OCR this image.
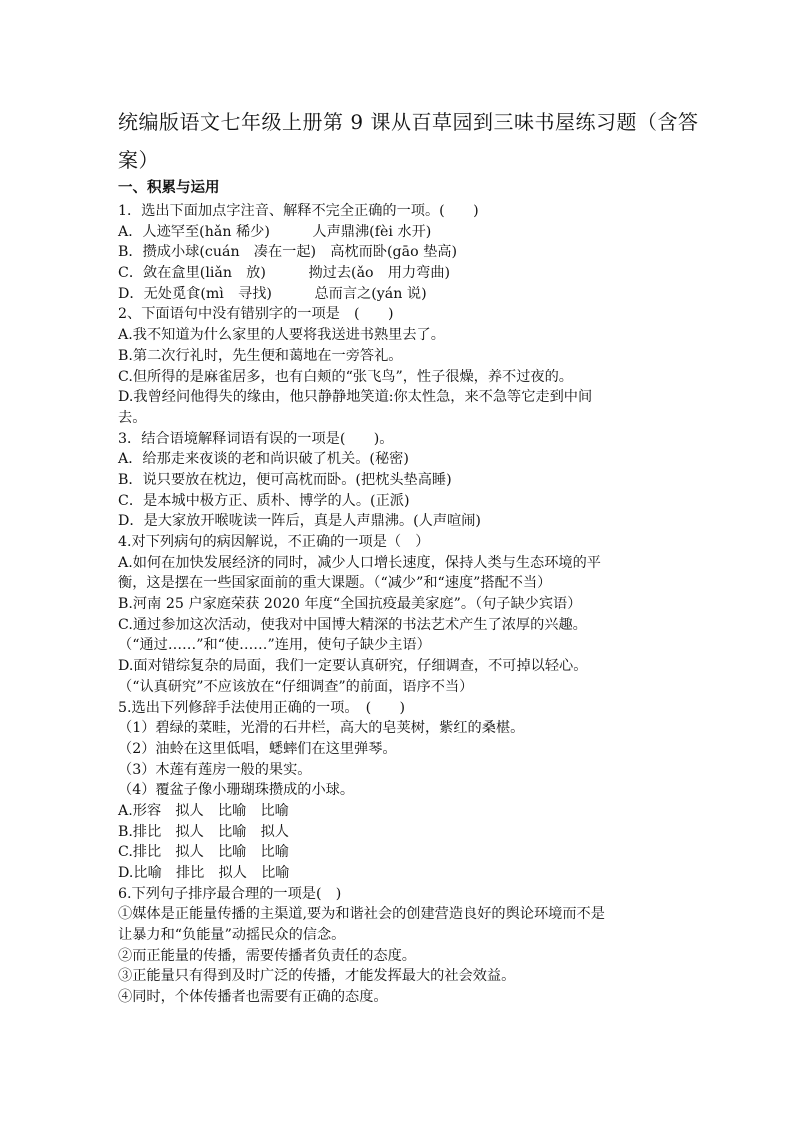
统编版语文七年级上册第 9 课从百草园到三味书屋练习题（含答案）
一、积累与运用
1．选出下面加点字注音、解释不完全正确的一项。(　　)
A．人迹罕至(hǎn 稀少)　　　人声鼎沸(fèi 水开)
B．攒成小球(cuán　凑在一起)　高枕而卧(gāo 垫高)
C．敛在盒里(liǎn　放)　　　拗过去(ǎo　用力弯曲)
D．无处觅食(mì　寻找)　　　总而言之(yán 说)
2、下面语句中没有错别字的一项是　(　　)
A.我不知道为什么家里的人要将我送进书熟里去了。
B.第二次行礼时，先生便和蔼地在一旁答礼。
C.但所得的是麻雀居多，也有白颊的“张飞鸟”，性子很燥，养不过夜的。
D.我曾经问他得失的缘由，他只静静地笑道:你太性急，来不急等它走到中间
去。
3．结合语境解释词语有误的一项是(　　)。
A．给那走来夜谈的老和尚识破了机关。(秘密)
B．说只要放在枕边，便可高枕而卧。(把枕头垫高睡)
C．是本城中极方正、质朴、博学的人。(正派)
D．是大家放开喉咙读一阵后，真是人声鼎沸。(人声喧闹)
4.对下列病句的病因解说，不正确的一项是（　）
A.如何在加快发展经济的同时，减少人口增长速度，保持人类与生态环境的平
衡，这是摆在一些国家面前的重大课题。（“减少”和“速度”搭配不当）
B.河南 25 户家庭荣获 2020 年度“全国抗疫最美家庭”。（句子缺少宾语）
C.通过参加这次活动，使我对中国博大精深的书法艺术产生了浓厚的兴趣。
（“通过……”和“使……”连用，使句子缺少主语）
D.面对错综复杂的局面，我们一定要认真研究，仔细调查，不可掉以轻心。
（“认真研究”不应该放在“仔细调查”的前面，语序不当）
5.选出下列修辞手法使用正确的一项。　(　　)
（1）碧绿的菜畦，光滑的石井栏，高大的皂荚树，紫红的桑椹。
（2）油蛉在这里低唱，蟋蟀们在这里弹琴。
（3）木莲有莲房一般的果实。
（4）覆盆子像小珊瑚珠攒成的小球。
A.形容　拟人　比喻　比喻
B.排比　拟人　比喻　拟人
C.排比　拟人　比喻　比喻
D.比喻　排比　拟人　比喻
6.下列句子排序最合理的一项是(　)
①媒体是正能量传播的主渠道,要为和谐社会的创建营造良好的舆论环境而不是
让暴力和“负能量”动摇民众的信念。
②而正能量的传播，需要传播者负责任的态度。
③正能量只有得到及时广泛的传播，才能发挥最大的社会效益。
④同时，个体传播者也需要有正确的态度。
